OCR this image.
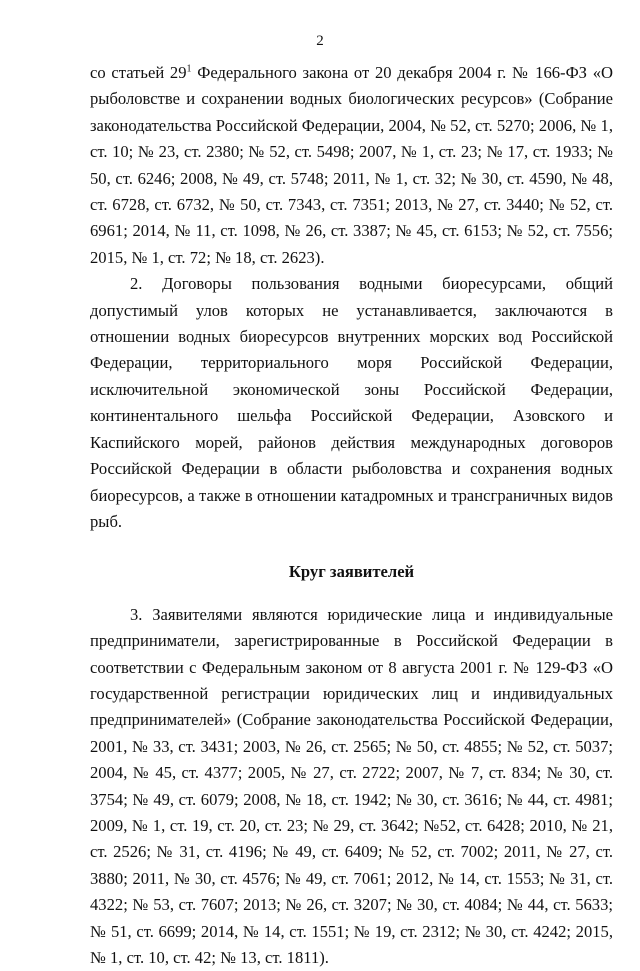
2

со статьей $29^1$ Федерального закона от 20 декабря 2004 г. № 166-ФЗ «О рыболовстве и сохранении водных биологических ресурсов» (Собрание законодательства Российской Федерации, 2004, № 52, ст. 5270; 2006, № 1, ст. 10; № 23, ст. 2380; № 52, ст. 5498; 2007, № 1, ст. 23; № 17, ст. 1933; № 50, ст. 6246; 2008, № 49, ст. 5748; 2011, № 1, ст. 32; № 30, ст. 4590, № 48, ст. 6728, ст. 6732, № 50, ст. 7343, ст. 7351; 2013, № 27, ст. 3440; № 52, ст. 6961; 2014, № 11, ст. 1098, № 26, ст. 3387; № 45, ст. 6153; № 52, ст. 7556; 2015, № 1, ст. 72; № 18, ст. 2623).

2. Договоры пользования водными биоресурсами, общий допустимый улов которых не устанавливается, заключаются в отношении водных биоресурсов внутренних морских вод Российской Федерации, территориального моря Российской Федерации, исключительной экономической зоны Российской Федерации, континентального шельфа Российской Федерации, Азовского и Каспийского морей, районов действия международных договоров Российской Федерации в области рыболовства и сохранения водных биоресурсов, а также в отношении катадромных и трансграничных видов рыб.

Круг заявителей

3. Заявителями являются юридические лица и индивидуальные предприниматели, зарегистрированные в Российской Федерации в соответствии с Федеральным законом от 8 августа 2001 г. № 129-ФЗ «О государственной регистрации юридических лиц и индивидуальных предпринимателей» (Собрание законодательства Российской Федерации, 2001, № 33, ст. 3431; 2003, № 26, ст. 2565; № 50, ст. 4855; № 52, ст. 5037; 2004, № 45, ст. 4377; 2005, № 27, ст. 2722; 2007, № 7, ст. 834; № 30, ст. 3754; № 49, ст. 6079; 2008, № 18, ст. 1942; № 30, ст. 3616; № 44, ст. 4981; 2009, № 1, ст. 19, ст. 20, ст. 23; № 29, ст. 3642; №52, ст. 6428; 2010, № 21, ст. 2526; № 31, ст. 4196; № 49, ст. 6409; № 52, ст. 7002; 2011, № 27, ст. 3880; 2011, № 30, ст. 4576; № 49, ст. 7061; 2012, № 14, ст. 1553; № 31, ст. 4322; № 53, ст. 7607; 2013; № 26, ст. 3207; № 30, ст. 4084; № 44, ст. 5633; № 51, ст. 6699; 2014, № 14, ст. 1551; № 19, ст. 2312; № 30, ст. 4242; 2015, № 1, ст. 10, ст. 42; № 13, ст. 1811).
